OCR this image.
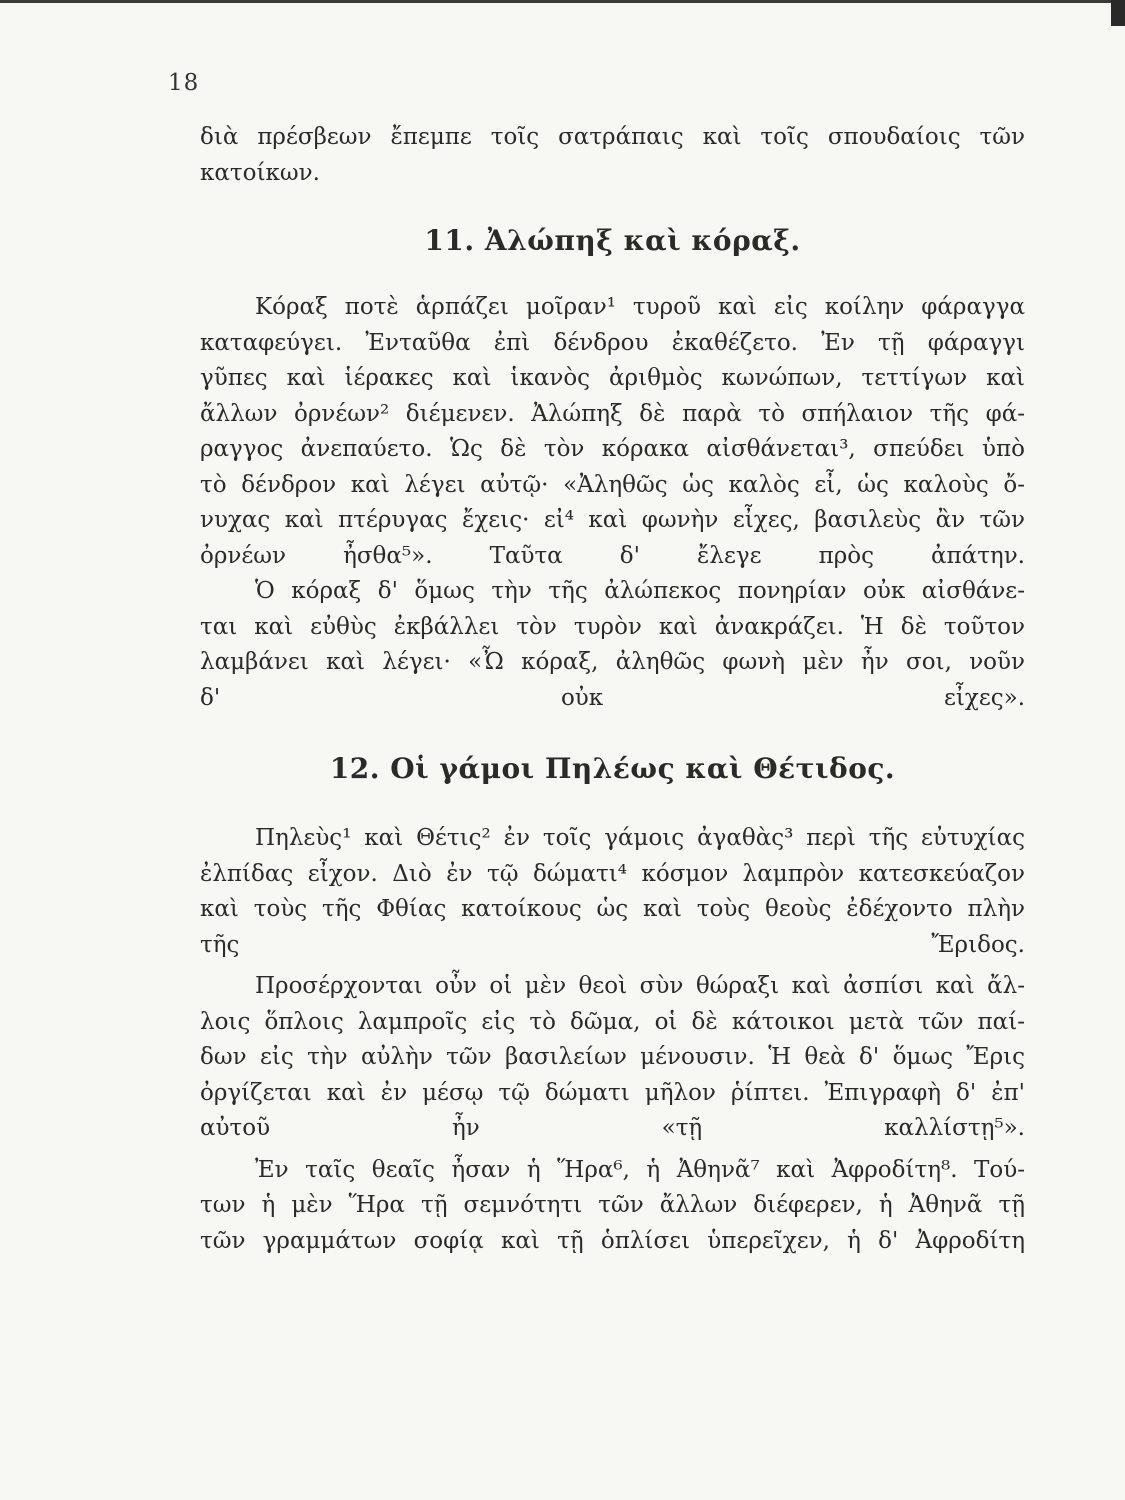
18
διὰ πρέσβεων ἔπεμπε τοῖς σατράπαις καὶ τοῖς σπουδαίοις τῶν
κατοίκων.
11. Ἀλώπηξ καὶ κόραξ.
Κόραξ ποτὲ ἁρπάζει μοῖραν¹ τυροῦ καὶ εἰς κοίλην φάραγγα
καταφεύγει. Ἐνταῦθα ἐπὶ δένδρου ἐκαθέζετο. Ἐν τῇ φάραγγι
γῦπες καὶ ἱέρακες καὶ ἱκανὸς ἀριθμὸς κωνώπων, τεττίγων καὶ
ἄλλων ὀρνέων² διέμενεν. Ἀλώπηξ δὲ παρὰ τὸ σπήλαιον τῆς φά-
ραγγος ἀνεπαύετο. Ὡς δὲ τὸν κόρακα αἰσθάνεται³, σπεύδει ὑπὸ
τὸ δένδρον καὶ λέγει αὐτῷ· «Ἀληθῶς ὡς καλὸς εἶ, ὡς καλοὺς ὄ-
νυχας καὶ πτέρυγας ἔχεις· εἰ⁴ καὶ φωνὴν εἶχες, βασιλεὺς ἂν τῶν
ὀρνέων ἦσθα⁵». Ταῦτα δ' ἔλεγε πρὸς ἀπάτην.
Ὁ κόραξ δ' ὅμως τὴν τῆς ἀλώπεκος πονηρίαν οὐκ αἰσθάνε-
ται καὶ εὐθὺς ἐκβάλλει τὸν τυρὸν καὶ ἀνακράζει. Ἡ δὲ τοῦτον
λαμβάνει καὶ λέγει· «Ὦ κόραξ, ἀληθῶς φωνὴ μὲν ἦν σοι, νοῦν
δ' οὐκ εἶχες».
12. Οἱ γάμοι Πηλέως καὶ Θέτιδος.
Πηλεὺς¹ καὶ Θέτις² ἐν τοῖς γάμοις ἀγαθὰς³ περὶ τῆς εὐτυχίας
ἐλπίδας εἶχον. Διὸ ἐν τῷ δώματι⁴ κόσμον λαμπρὸν κατεσκεύαζον
καὶ τοὺς τῆς Φθίας κατοίκους ὡς καὶ τοὺς θεοὺς ἐδέχοντο πλὴν
τῆς Ἔριδος.
Προσέρχονται οὖν οἱ μὲν θεοὶ σὺν θώραξι καὶ ἀσπίσι καὶ ἄλ-
λοις ὅπλοις λαμπροῖς εἰς τὸ δῶμα, οἱ δὲ κάτοικοι μετὰ τῶν παί-
δων εἰς τὴν αὐλὴν τῶν βασιλείων μένουσιν. Ἡ θεὰ δ' ὅμως Ἔρις
ὀργίζεται καὶ ἐν μέσῳ τῷ δώματι μῆλον ῥίπτει. Ἐπιγραφὴ δ' ἐπ'
αὐτοῦ ἦν «τῇ καλλίστῃ⁵».
Ἐν ταῖς θεαῖς ἦσαν ἡ Ἥρα⁶, ἡ Ἀθηνᾶ⁷ καὶ Ἀφροδίτη⁸. Τού-
των ἡ μὲν Ἥρα τῇ σεμνότητι τῶν ἄλλων διέφερεν, ἡ Ἀθηνᾶ τῇ
τῶν γραμμάτων σοφίᾳ καὶ τῇ ὁπλίσει ὑπερεῖχεν, ἡ δ' Ἀφροδίτη
